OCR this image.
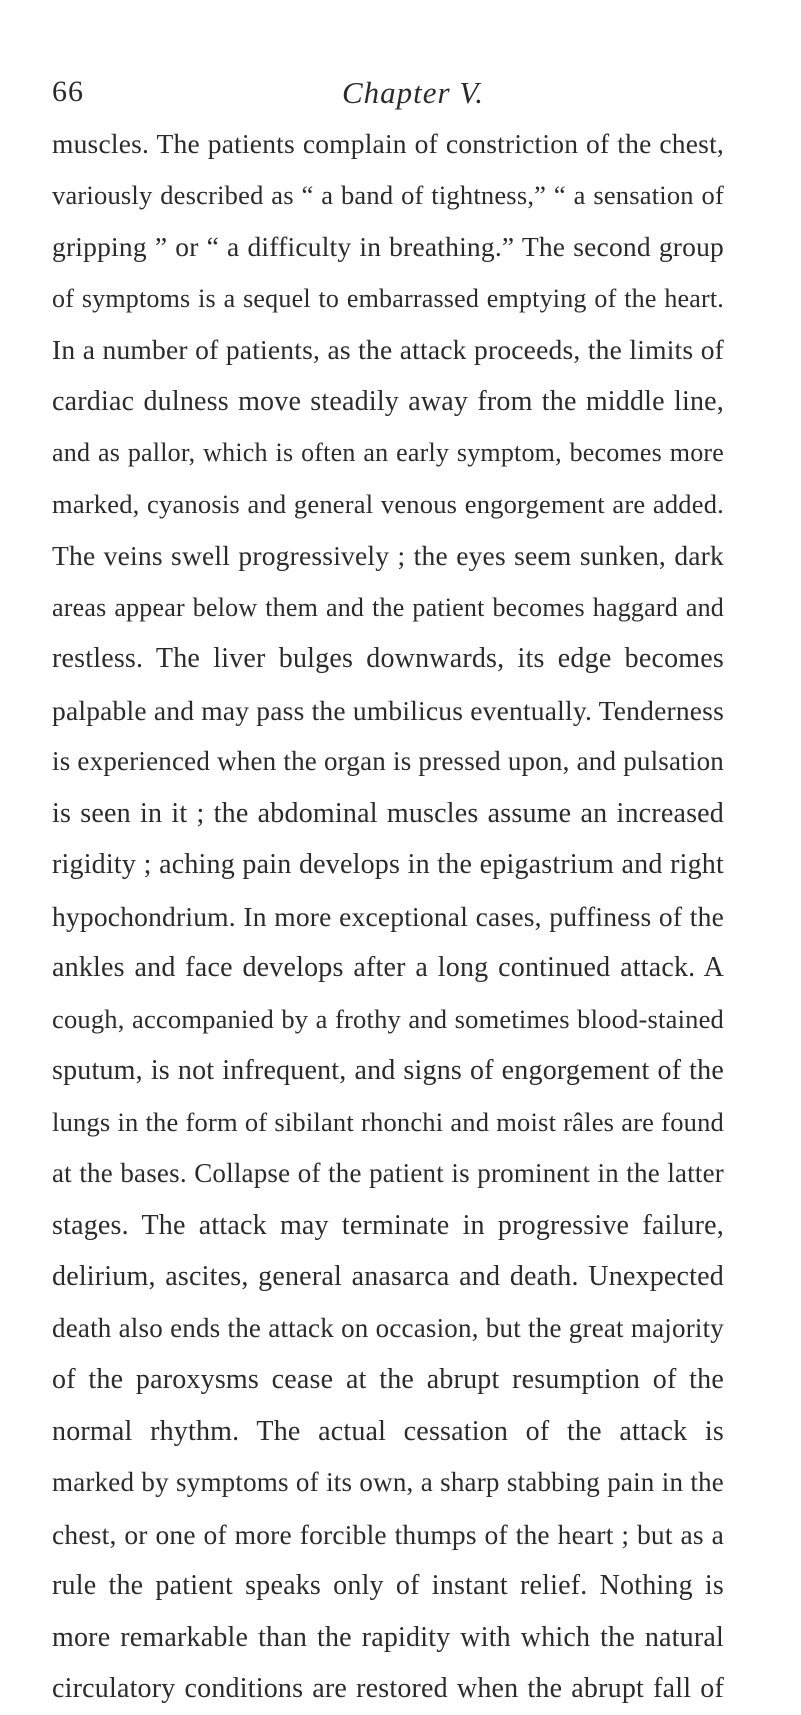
66	Chapter V.
muscles. The patients complain of constriction of the chest,
variously described as “ a band of tightness,” “ a sensation of
gripping ” or “ a difficulty in breathing.” The second group
of symptoms is a sequel to embarrassed emptying of the heart.
In a number of patients, as the attack proceeds, the limits of
cardiac dulness move steadily away from the middle line,
and as pallor, which is often an early symptom, becomes more
marked, cyanosis and general venous engorgement are added.
The veins swell progressively ; the eyes seem sunken, dark
areas appear below them and the patient becomes haggard and
restless. The liver bulges downwards, its edge becomes
palpable and may pass the umbilicus eventually. Tenderness
is experienced when the organ is pressed upon, and pulsation
is seen in it ; the abdominal muscles assume an increased
rigidity ; aching pain develops in the epigastrium and right
hypochondrium. In more exceptional cases, puffiness of the
ankles and face develops after a long continued attack. A
cough, accompanied by a frothy and sometimes blood-stained
sputum, is not infrequent, and signs of engorgement of the
lungs in the form of sibilant rhonchi and moist râles are found
at the bases. Collapse of the patient is prominent in the latter
stages. The attack may terminate in progressive failure,
delirium, ascites, general anasarca and death. Unexpected
death also ends the attack on occasion, but the great majority
of the paroxysms cease at the abrupt resumption of the
normal rhythm. The actual cessation of the attack is
marked by symptoms of its own, a sharp stabbing pain in the
chest, or one of more forcible thumps of the heart ; but as a
rule the patient speaks only of instant relief. Nothing is
more remarkable than the rapidity with which the natural
circulatory conditions are restored when the abrupt fall of
